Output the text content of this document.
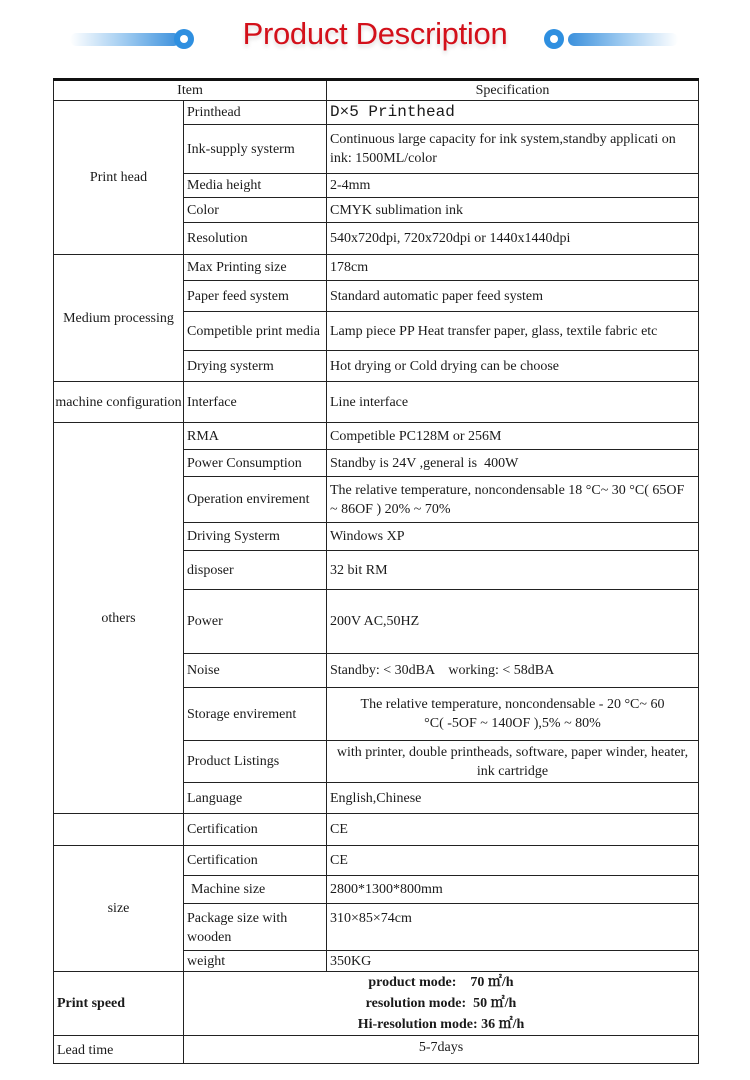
Product Description
Item		Specification
Print head	Printhead	D×5 Printhead
	Ink-supply systerm	Continuous large capacity for ink system,standby applicati on ink: 1500ML/color
	Media height	2-4mm
	Color	CMYK sublimation ink
	Resolution	540x720dpi, 720x720dpi or 1440x1440dpi
Medium processing	Max Printing size	178cm
	Paper feed system	Standard automatic paper feed system
	Competible print media	Lamp piece PP Heat transfer paper, glass, textile fabric etc
	Drying systerm	Hot drying or Cold drying can be choose
machine configuration	Interface	Line interface
others	RMA	Competible PC128M or 256M
	Power Consumption	Standby is 24V ,general is  400W
	Operation envirement	The relative temperature, noncondensable 18 °C~ 30 °C( 65OF ~ 86OF ) 20% ~ 70%
	Driving Systerm	Windows XP
	disposer	32 bit RM
	Power	200V AC,50HZ
	Noise	Standby: < 30dBA    working: < 58dBA
	Storage envirement	The relative temperature, noncondensable - 20 °C~ 60 °C( -5OF ~ 140OF ),5% ~ 80%
	Product Listings	with printer, double printheads, software, paper winder, heater, ink cartridge
	Language	English,Chinese
	Certification	CE
size	Certification	CE
	Machine size	2800*1300*800mm
	Package size with wooden	310×85×74cm
	weight	350KG
Print speed	product mode:    70 ㎡/h
resolution mode:  50 ㎡/h
Hi-resolution mode: 36 ㎡/h	

Lead time	5-7days	
